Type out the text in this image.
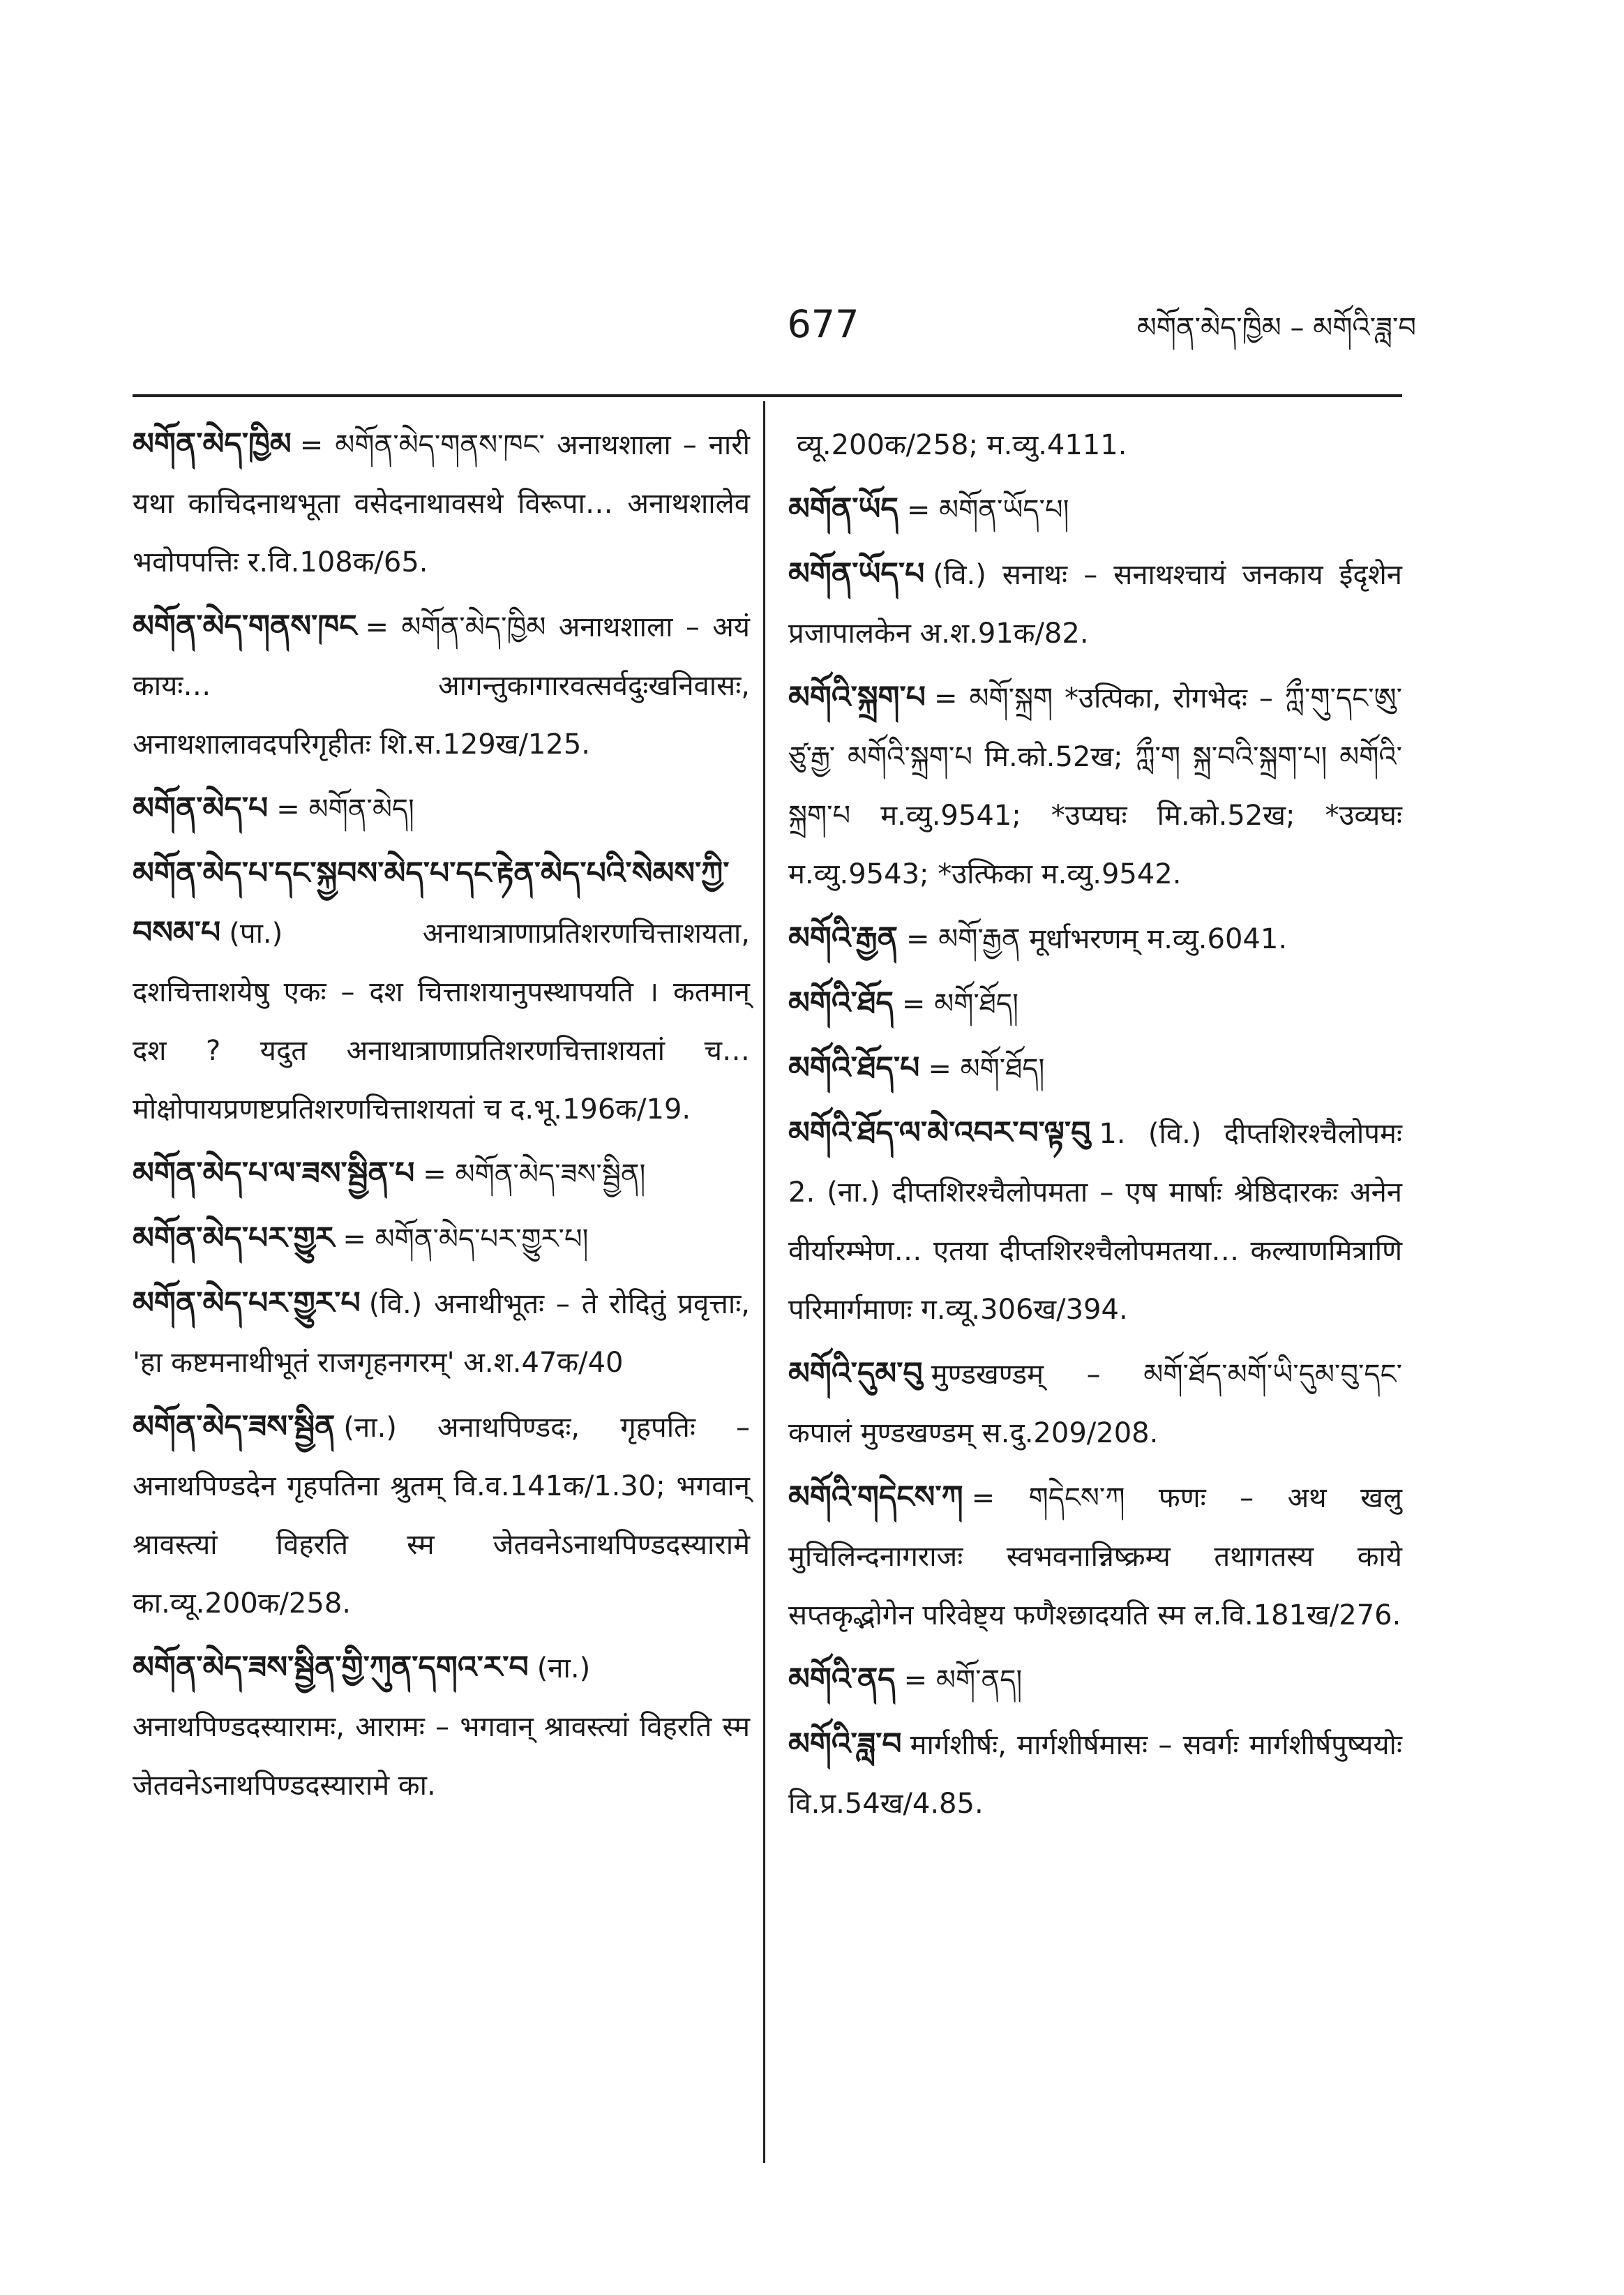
677	མགོན་མེད་ཁྱིམ – མགོའི་ཟླ་བ
མགོན་མེད་ཁྱིམ = མགོན་མེད་གནས་ཁང་ अनाथशाला – नारी यथा काचिदनाथभूता वसेदनाथावसथे विरूपा… अनाथशालेव भवोपपत्तिः र.वि.108क/65.
མགོན་མེད་གནས་ཁང = མགོན་མེད་ཁྱིམ अनाथशाला – अयं कायः… आगन्तुकागारवत्सर्वदुःखनिवासः, अनाथशालावदपरिगृहीतः शि.स.129ख/125.
མགོན་མེད་པ = མགོན་མེད།
མགོན་མེད་པ་དང་སྐྱབས་མེད་པ་དང་རྟེན་མེད་པའི་སེམས་ཀྱི་བསམ་པ (पा.) अनाथात्राणाप्रतिशरणचित्ताशयता, दशचित्ताशयेषु एकः – दश चित्ताशयानुपस्थापयति । कतमान् दश ? यदुत अनाथात्राणाप्रतिशरणचित्ताशयतां च… मोक्षोपायप्रणष्टप्रतिशरणचित्ताशयतां च द.भू.196क/19.
མགོན་མེད་པ་ལ་ཟས་སྦྱིན་པ = མགོན་མེད་ཟས་སྦྱིན།
མགོན་མེད་པར་གྱུར = མགོན་མེད་པར་གྱུར་པ།
མགོན་མེད་པར་གྱུར་པ (वि.) अनाथीभूतः – ते रोदितुं प्रवृत्ताः, 'हा कष्टमनाथीभूतं राजगृहनगरम्' अ.श.47क/40
མགོན་མེད་ཟས་སྦྱིན (ना.) अनाथपिण्डदः, गृहपतिः – अनाथपिण्डदेन गृहपतिना श्रुतम् वि.व.141क/1.30; भगवान् श्रावस्त्यां विहरति स्म जेतवनेऽनाथपिण्डदस्यारामे का.व्यू.200क/258.
མགོན་མེད་ཟས་སྦྱིན་གྱི་ཀུན་དགའ་ར་བ (ना.) अनाथपिण्डदस्यारामः, आरामः – भगवान् श्रावस्त्यां विहरति स्म जेतवनेऽनाथपिण्डदस्यारामे का.
व्यू.200क/258; म.व्यु.4111.
མགོན་ཡོད = མགོན་ཡོད་པ།
མགོན་ཡོད་པ (वि.) सनाथः – सनाथश्चायं जनकाय ईदृशेन प्रजापालकेन अ.श.91क/82.
མགོའི་སྐྲག་པ = མགོ་སྐྲག *उत्पिका, रोगभेदः – ཀླྀ་གུ་དང་ཨུ་ཙུ་རྒྱ་ མགོའི་སྐྲག་པ मि.को.52ख; ཀླྀ་ག སྐྲ་བའི་སྐྲག་པ། མགོའི་སྐྲག་པ म.व्यु.9541; *उप्यघः मि.को.52ख; *उव्यघः म.व्यु.9543; *उत्फिका म.व्यु.9542.
མགོའི་རྒྱན = མགོ་རྒྱན मूर्धाभरणम् म.व्यु.6041.
མགོའི་ཐོད = མགོ་ཐོད།
མགོའི་ཐོད་པ = མགོ་ཐོད།
མགོའི་ཐོད་ལ་མེ་འབར་བ་ལྟ་བུ 1. (वि.) दीप्तशिरश्चैलोपमः 2. (ना.) दीप्तशिरश्चैलोपमता – एष मार्षाः श्रेष्ठिदारकः अनेन वीर्यारम्भेण… एतया दीप्तशिरश्चैलोपमतया… कल्याणमित्राणि परिमार्गमाणः ग.व्यू.306ख/394.
མགོའི་དུམ་བུ मुण्डखण्डम् – མགོ་ཐོད་མགོ་ཡི་དུམ་བུ་དང་ कपालं मुण्डखण्डम् स.दु.209/208.
མགོའི་གདེངས་ཀ = གདེངས་ཀ फणः – अथ खलु मुचिलिन्दनागराजः स्वभवनान्निष्क्रम्य तथागतस्य काये सप्तकृद्भोगेन परिवेष्ट्य फणैश्छादयति स्म ल.वि.181ख/276.
མགོའི་ནད = མགོ་ནད།
མགོའི་ཟླ་བ मार्गशीर्षः, मार्गशीर्षमासः – सवर्गः मार्गशीर्षपुष्ययोः वि.प्र.54ख/4.85.
